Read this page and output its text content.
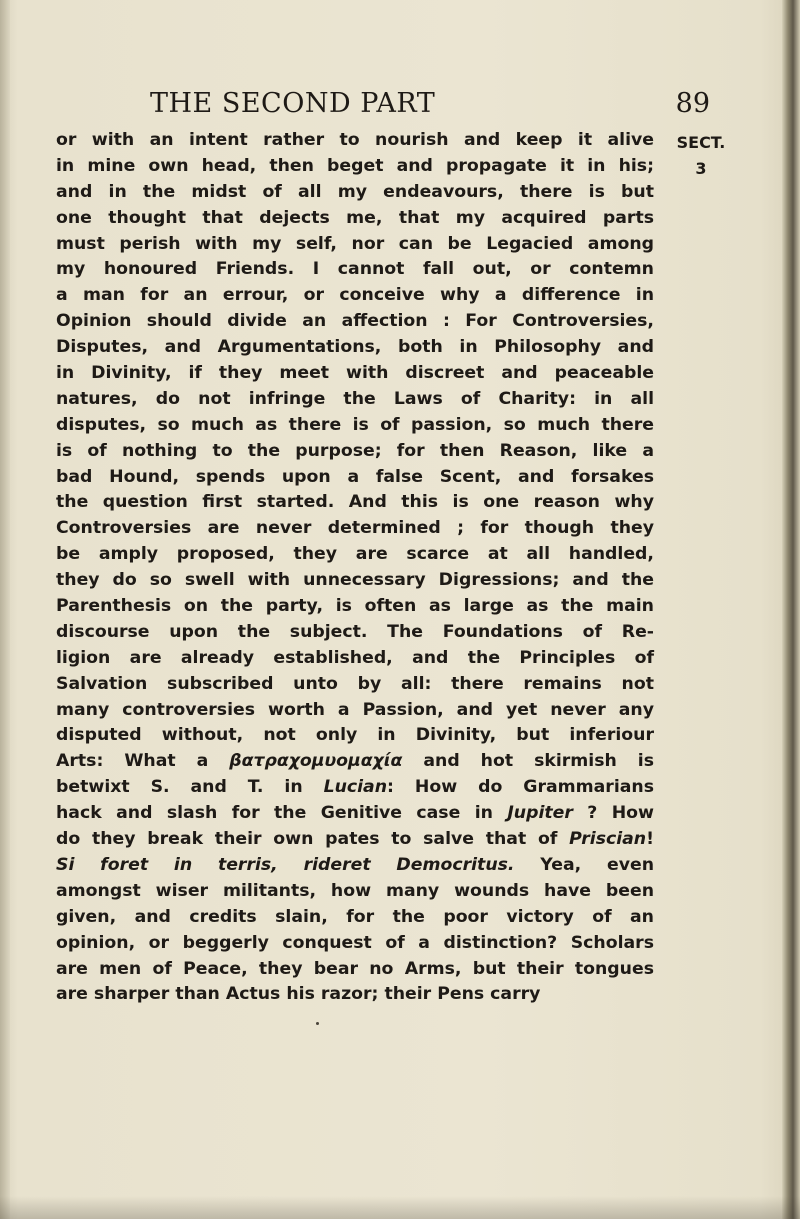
THE SECOND PART	89
SECT.
3
or with an intent rather to nourish and keep it alive
in mine own head, then beget and propagate it in his;
and in the midst of all my endeavours, there is but
one thought that dejects me, that my acquired parts
must perish with my self, nor can be Legacied among
my honoured Friends. I cannot fall out, or contemn
a man for an errour, or conceive why a difference in
Opinion should divide an affection : For Controversies,
Disputes, and Argumentations, both in Philosophy and
in Divinity, if they meet with discreet and peaceable
natures, do not infringe the Laws of Charity: in all
disputes, so much as there is of passion, so much there
is of nothing to the purpose; for then Reason, like a
bad Hound, spends upon a false Scent, and forsakes
the question first started. And this is one reason why
Controversies are never determined ; for though they
be amply proposed, they are scarce at all handled,
they do so swell with unnecessary Digressions; and the
Parenthesis on the party, is often as large as the main
discourse upon the subject. The Foundations of Re-
ligion are already established, and the Principles of
Salvation subscribed unto by all: there remains not
many controversies worth a Passion, and yet never any
disputed without, not only in Divinity, but inferiour
Arts: What a βατραχομυομαχία and hot skirmish is
betwixt S. and T. in Lucian: How do Grammarians
hack and slash for the Genitive case in Jupiter ? How
do they break their own pates to salve that of Priscian!
Si foret in terris, rideret Democritus. Yea, even
amongst wiser militants, how many wounds have been
given, and credits slain, for the poor victory of an
opinion, or beggerly conquest of a distinction? Scholars
are men of Peace, they bear no Arms, but their tongues
are sharper than Actus his razor; their Pens carry
